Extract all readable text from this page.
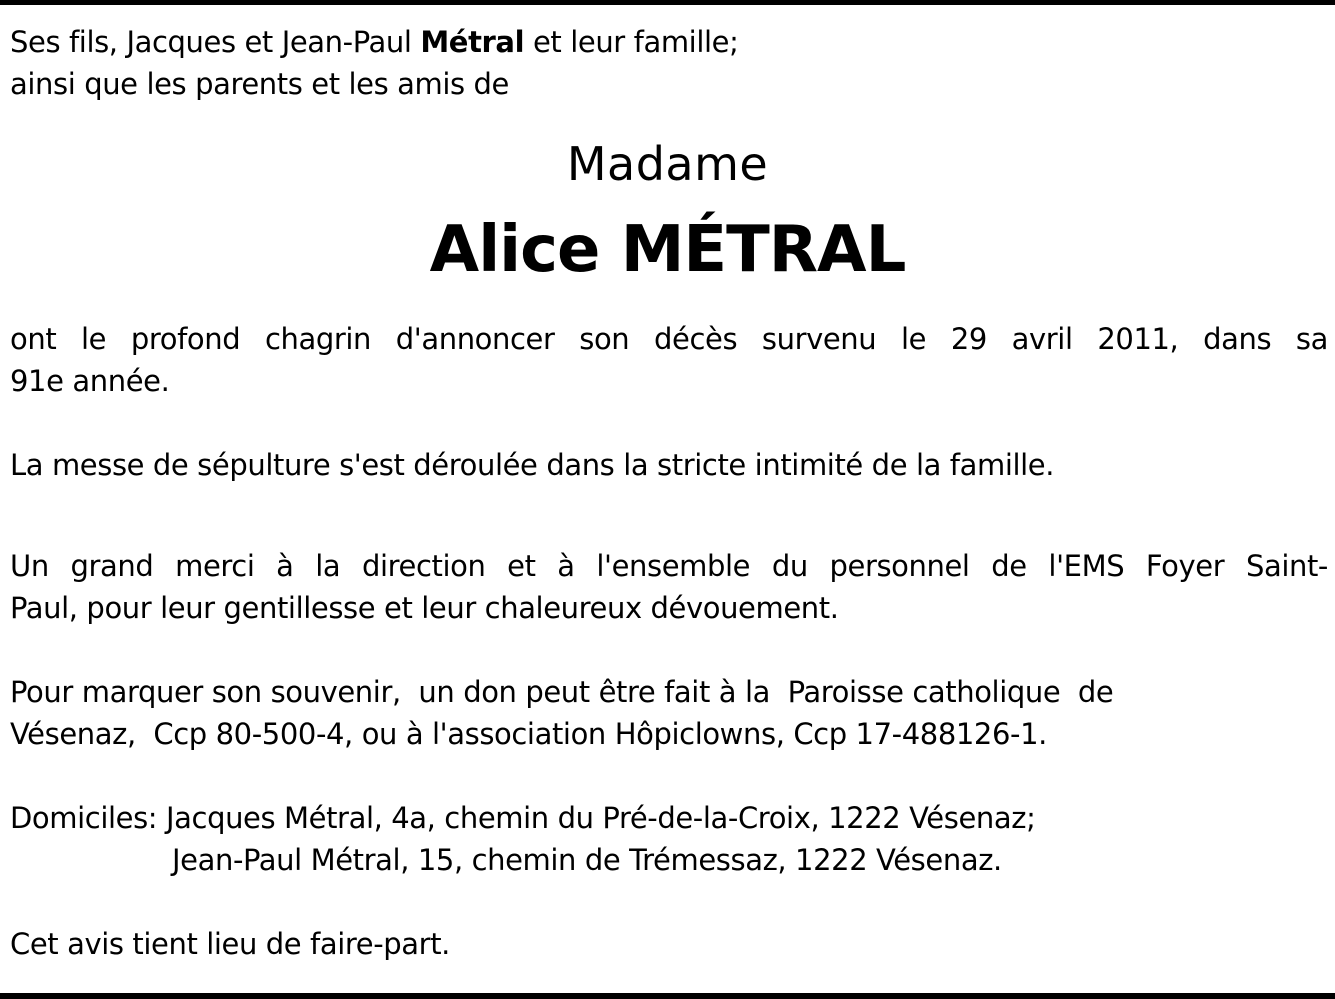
Ses fils, Jacques et Jean-Paul Métral et leur famille;

ainsi que les parents et les amis de

Madame

Alice MÉTRAL

ont le profond chagrin d'annoncer son décès survenu le 29 avril 2011, dans sa

91e année.

La messe de sépulture s'est déroulée dans la stricte intimité de la famille.

Un grand merci à la direction et à l'ensemble du personnel de l'EMS Foyer Saint-

Paul, pour leur gentillesse et leur chaleureux dévouement.

Pour marquer son souvenir,  un don peut être fait à la  Paroisse catholique  de

Vésenaz,  Ccp 80-500-4, ou à l'association Hôpiclowns, Ccp 17-488126-1.

Domiciles: Jacques Métral, 4a, chemin du Pré-de-la-Croix, 1222 Vésenaz;

Jean-Paul Métral, 15, chemin de Trémessaz, 1222 Vésenaz.

Cet avis tient lieu de faire-part.
